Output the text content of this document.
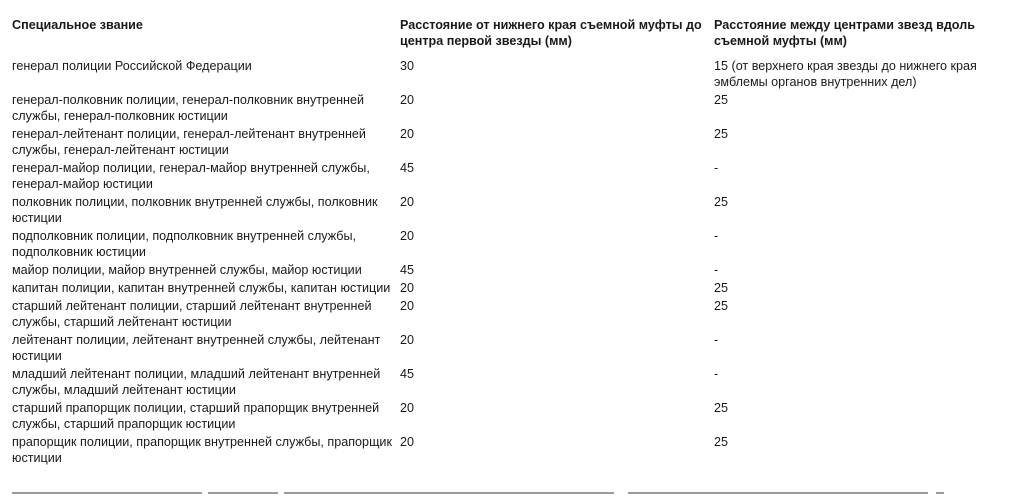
Специальное звание	Расстояние от нижнего края съемной муфты до центра первой звезды (мм)	Расстояние между центрами звезд вдоль съемной муфты (мм)
генерал полиции Российской Федерации	30	15 (от верхнего края звезды до нижнего края эмблемы органов внутренних дел)
генерал-полковник полиции, генерал-полковник внутренней службы, генерал-полковник юстиции	20	25
генерал-лейтенант полиции, генерал-лейтенант внутренней службы, генерал-лейтенант юстиции	20	25
генерал-майор полиции, генерал-майор внутренней службы, генерал-майор юстиции	45	-
полковник полиции, полковник внутренней службы, полковник юстиции	20	25
подполковник полиции, подполковник внутренней службы, подполковник юстиции	20	-
майор полиции, майор внутренней службы, майор юстиции	45	-
капитан полиции, капитан внутренней службы, капитан юстиции	20	25
старший лейтенант полиции, старший лейтенант внутренней службы, старший лейтенант юстиции	20	25
лейтенант полиции, лейтенант внутренней службы, лейтенант юстиции	20	-
младший лейтенант полиции, младший лейтенант внутренней службы, младший лейтенант юстиции	45	-
старший прапорщик полиции, старший прапорщик внутренней службы, старший прапорщик юстиции	20	25
прапорщик полиции, прапорщик внутренней службы, прапорщик юстиции	20	25
